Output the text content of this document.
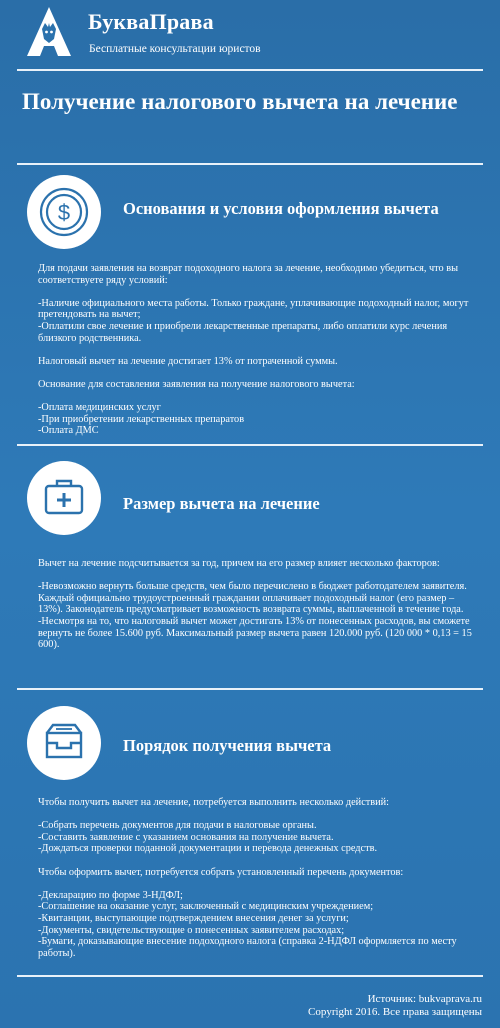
БукваПрава
Бесплатные консультации юристов
Получение налогового вычета на лечение
$	Основания и условия оформления вычета

Для подачи заявления на возврат подоходного налога за лечение, необходимо убедиться, что вы соответствуете ряду условий:

-Наличие официального места работы. Только граждане, уплачивающие подоходный налог, могут претендовать на вычет;
-Оплатили свое лечение и приобрели лекарственные препараты, либо оплатили курс лечения близкого родственника.

Налоговый вычет на лечение достигает 13% от потраченной суммы.

Основание для составления заявления на получение налогового вычета:

-Оплата медицинских услуг
-При приобретении лекарственных препаратов
-Оплата ДМС

Размер вычета на лечение

Вычет на лечение подсчитывается за год, причем на его размер влияет несколько факторов:

-Невозможно вернуть больше средств, чем было перечислено в бюджет работодателем заявителя. Каждый официально трудоустроенный граждании оплачивает подоходный налог (его размер – 13%). Законодатель предусматривает возможность возврата суммы, выплаченной в течение года.
-Несмотря на то, что налоговый вычет может достигать 13% от понесенных расходов, вы сможете вернуть не более 15.600 руб. Максимальный размер вычета равен 120.000 руб. (120 000 * 0,13 = 15 600).

Порядок получения вычета

Чтобы получить вычет на лечение, потребуется выполнить несколько действий:

-Собрать перечень документов для подачи в налоговые органы.
-Составить заявление с указанием основания на получение вычета.
-Дождаться проверки поданной документации и перевода денежных средств.

Чтобы оформить вычет, потребуется собрать установленный перечень документов:

-Декларацию по форме 3-НДФЛ;
-Соглашение на оказание услуг, заключенный с медицинским учреждением;
-Квитанции, выступающие подтверждением внесения денег за услуги;
-Документы, свидетельствующие о понесенных заявителем расходах;
-Бумаги, доказывающие внесение подоходного налога (справка 2-НДФЛ оформляется по месту работы).

Источник: bukvaprava.ru
Copyright 2016. Все права защищены
